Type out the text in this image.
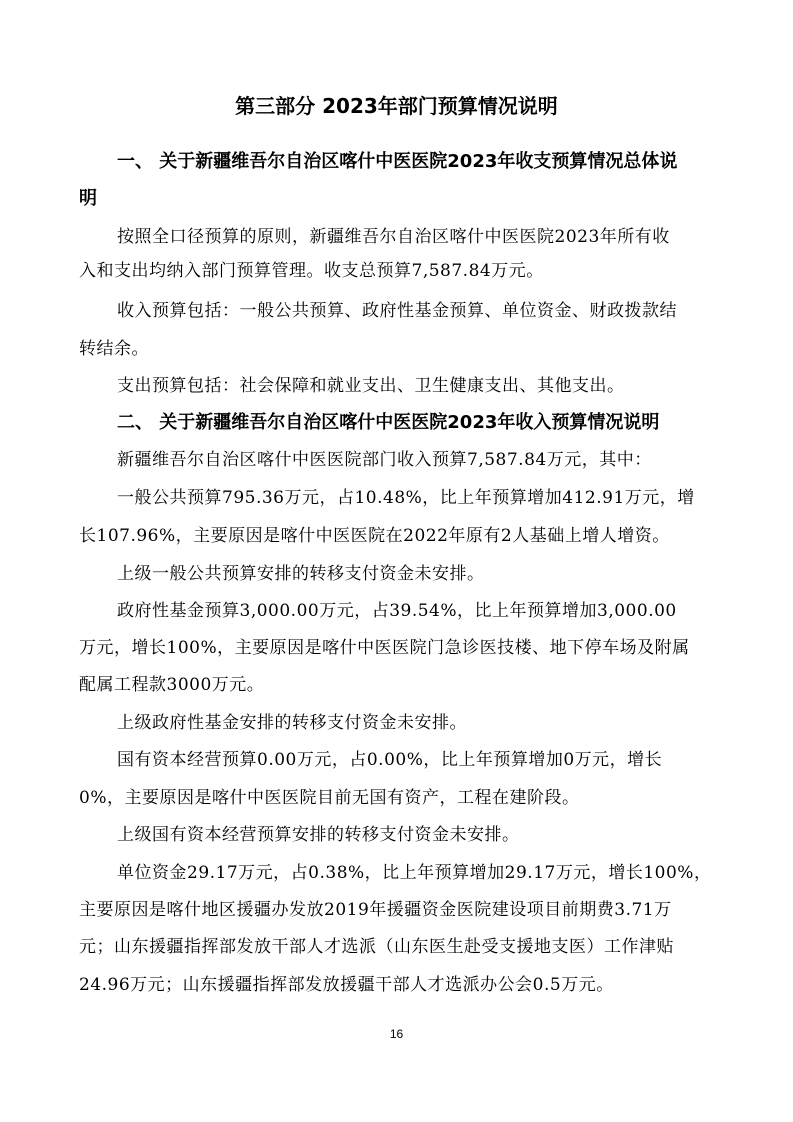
第三部分 2023年部门预算情况说明
一、 关于新疆维吾尔自治区喀什中医医院2023年收支预算情况总体说
明
按照全口径预算的原则，新疆维吾尔自治区喀什中医医院2023年所有收
入和支出均纳入部门预算管理。收支总预算7,587.84万元。
收入预算包括：一般公共预算、政府性基金预算、单位资金、财政拨款结
转结余。
支出预算包括：社会保障和就业支出、卫生健康支出、其他支出。
二、 关于新疆维吾尔自治区喀什中医医院2023年收入预算情况说明
新疆维吾尔自治区喀什中医医院部门收入预算7,587.84万元，其中：
一般公共预算795.36万元，占10.48%，比上年预算增加412.91万元，增
长107.96%，主要原因是喀什中医医院在2022年原有2人基础上增人增资。
上级一般公共预算安排的转移支付资金未安排。
政府性基金预算3,000.00万元，占39.54%，比上年预算增加3,000.00
万元，增长100%，主要原因是喀什中医医院门急诊医技楼、地下停车场及附属
配属工程款3000万元。
上级政府性基金安排的转移支付资金未安排。
国有资本经营预算0.00万元，占0.00%，比上年预算增加0万元，增长
0%，主要原因是喀什中医医院目前无国有资产，工程在建阶段。
上级国有资本经营预算安排的转移支付资金未安排。
单位资金29.17万元，占0.38%，比上年预算增加29.17万元，增长100%，
主要原因是喀什地区援疆办发放2019年援疆资金医院建设项目前期费3.71万
元；山东援疆指挥部发放干部人才选派（山东医生赴受支援地支医）工作津贴
24.96万元；山东援疆指挥部发放援疆干部人才选派办公会0.5万元。
16
